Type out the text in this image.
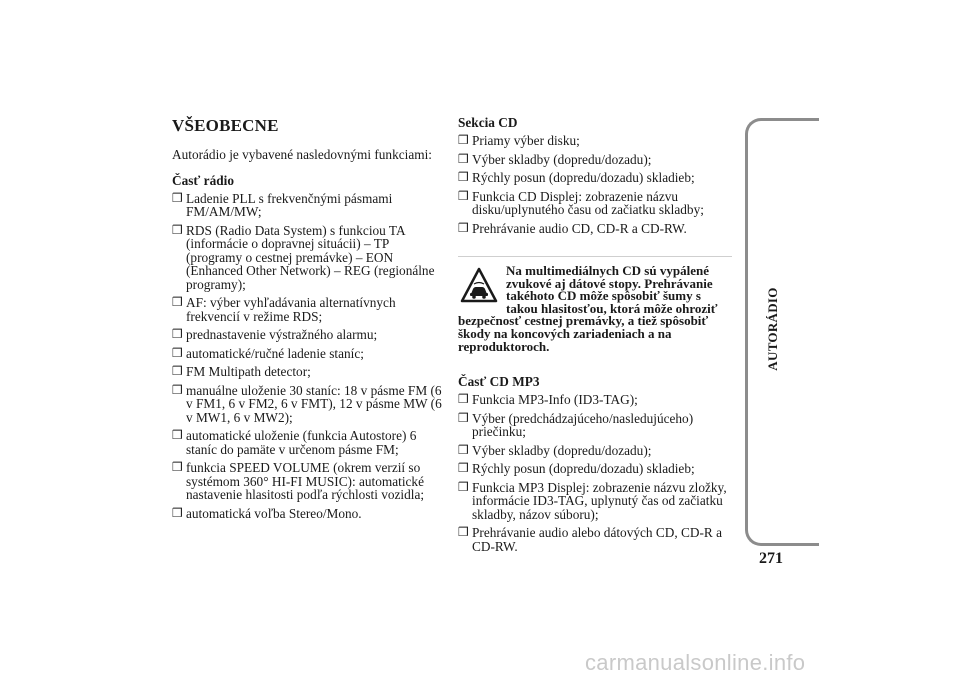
VŠEOBECNE

Autorádio je vybavené nasledovnými funkciami:

Časť rádio
❒ Ladenie PLL s frekvenčnými pásmami FM/AM/MW;
❒ RDS (Radio Data System) s funkciou TA (informácie o dopravnej situácii) – TP (programy o cestnej premávke) – EON (Enhanced Other Network) – REG (regionálne programy);
❒ AF: výber vyhľadávania alternatívnych frekvencií v režime RDS;
❒ prednastavenie výstražného alarmu;
❒ automatické/ručné ladenie staníc;
❒ FM Multipath detector;
❒ manuálne uloženie 30 staníc: 18 v pásme FM (6 v FM1, 6 v FM2, 6 v FMT), 12 v pásme MW (6 v MW1, 6 v MW2);
❒ automatické uloženie (funkcia Autostore) 6 staníc do pamäte v určenom pásme FM;
❒ funkcia SPEED VOLUME (okrem verzií so systémom 360° HI-FI MUSIC): automatické nastavenie hlasitosti podľa rýchlosti vozidla;
❒ automatická voľba Stereo/Mono.
Sekcia CD
❒ Priamy výber disku;
❒ Výber skladby (dopredu/dozadu);
❒ Rýchly posun (dopredu/dozadu) skladieb;
❒ Funkcia CD Displej: zobrazenie názvu disku/uplynutého času od začiatku skladby;
❒ Prehrávanie audio CD, CD-R a CD-RW.
Na multimediálnych CD sú vypálené zvukové aj dátové stopy. Prehrávanie takéhoto CD môže spôsobiť šumy s takou hlasitosťou, ktorá môže ohroziť bezpečnosť cestnej premávky, a tiež spôsobiť škody na koncových zariadeniach a na reproduktoroch.
Časť CD MP3
❒ Funkcia MP3-Info (ID3-TAG);
❒ Výber (predchádzajúceho/nasledujúceho) priečinku;
❒ Výber skladby (dopredu/dozadu);
❒ Rýchly posun (dopredu/dozadu) skladieb;
❒ Funkcia MP3 Displej: zobrazenie názvu zložky, informácie ID3-TAG, uplynutý čas od začiatku skladby, názov súboru);
❒ Prehrávanie audio alebo dátových CD, CD-R a CD-RW.
AUTORÁDIO
271
carmanualsonline.info
